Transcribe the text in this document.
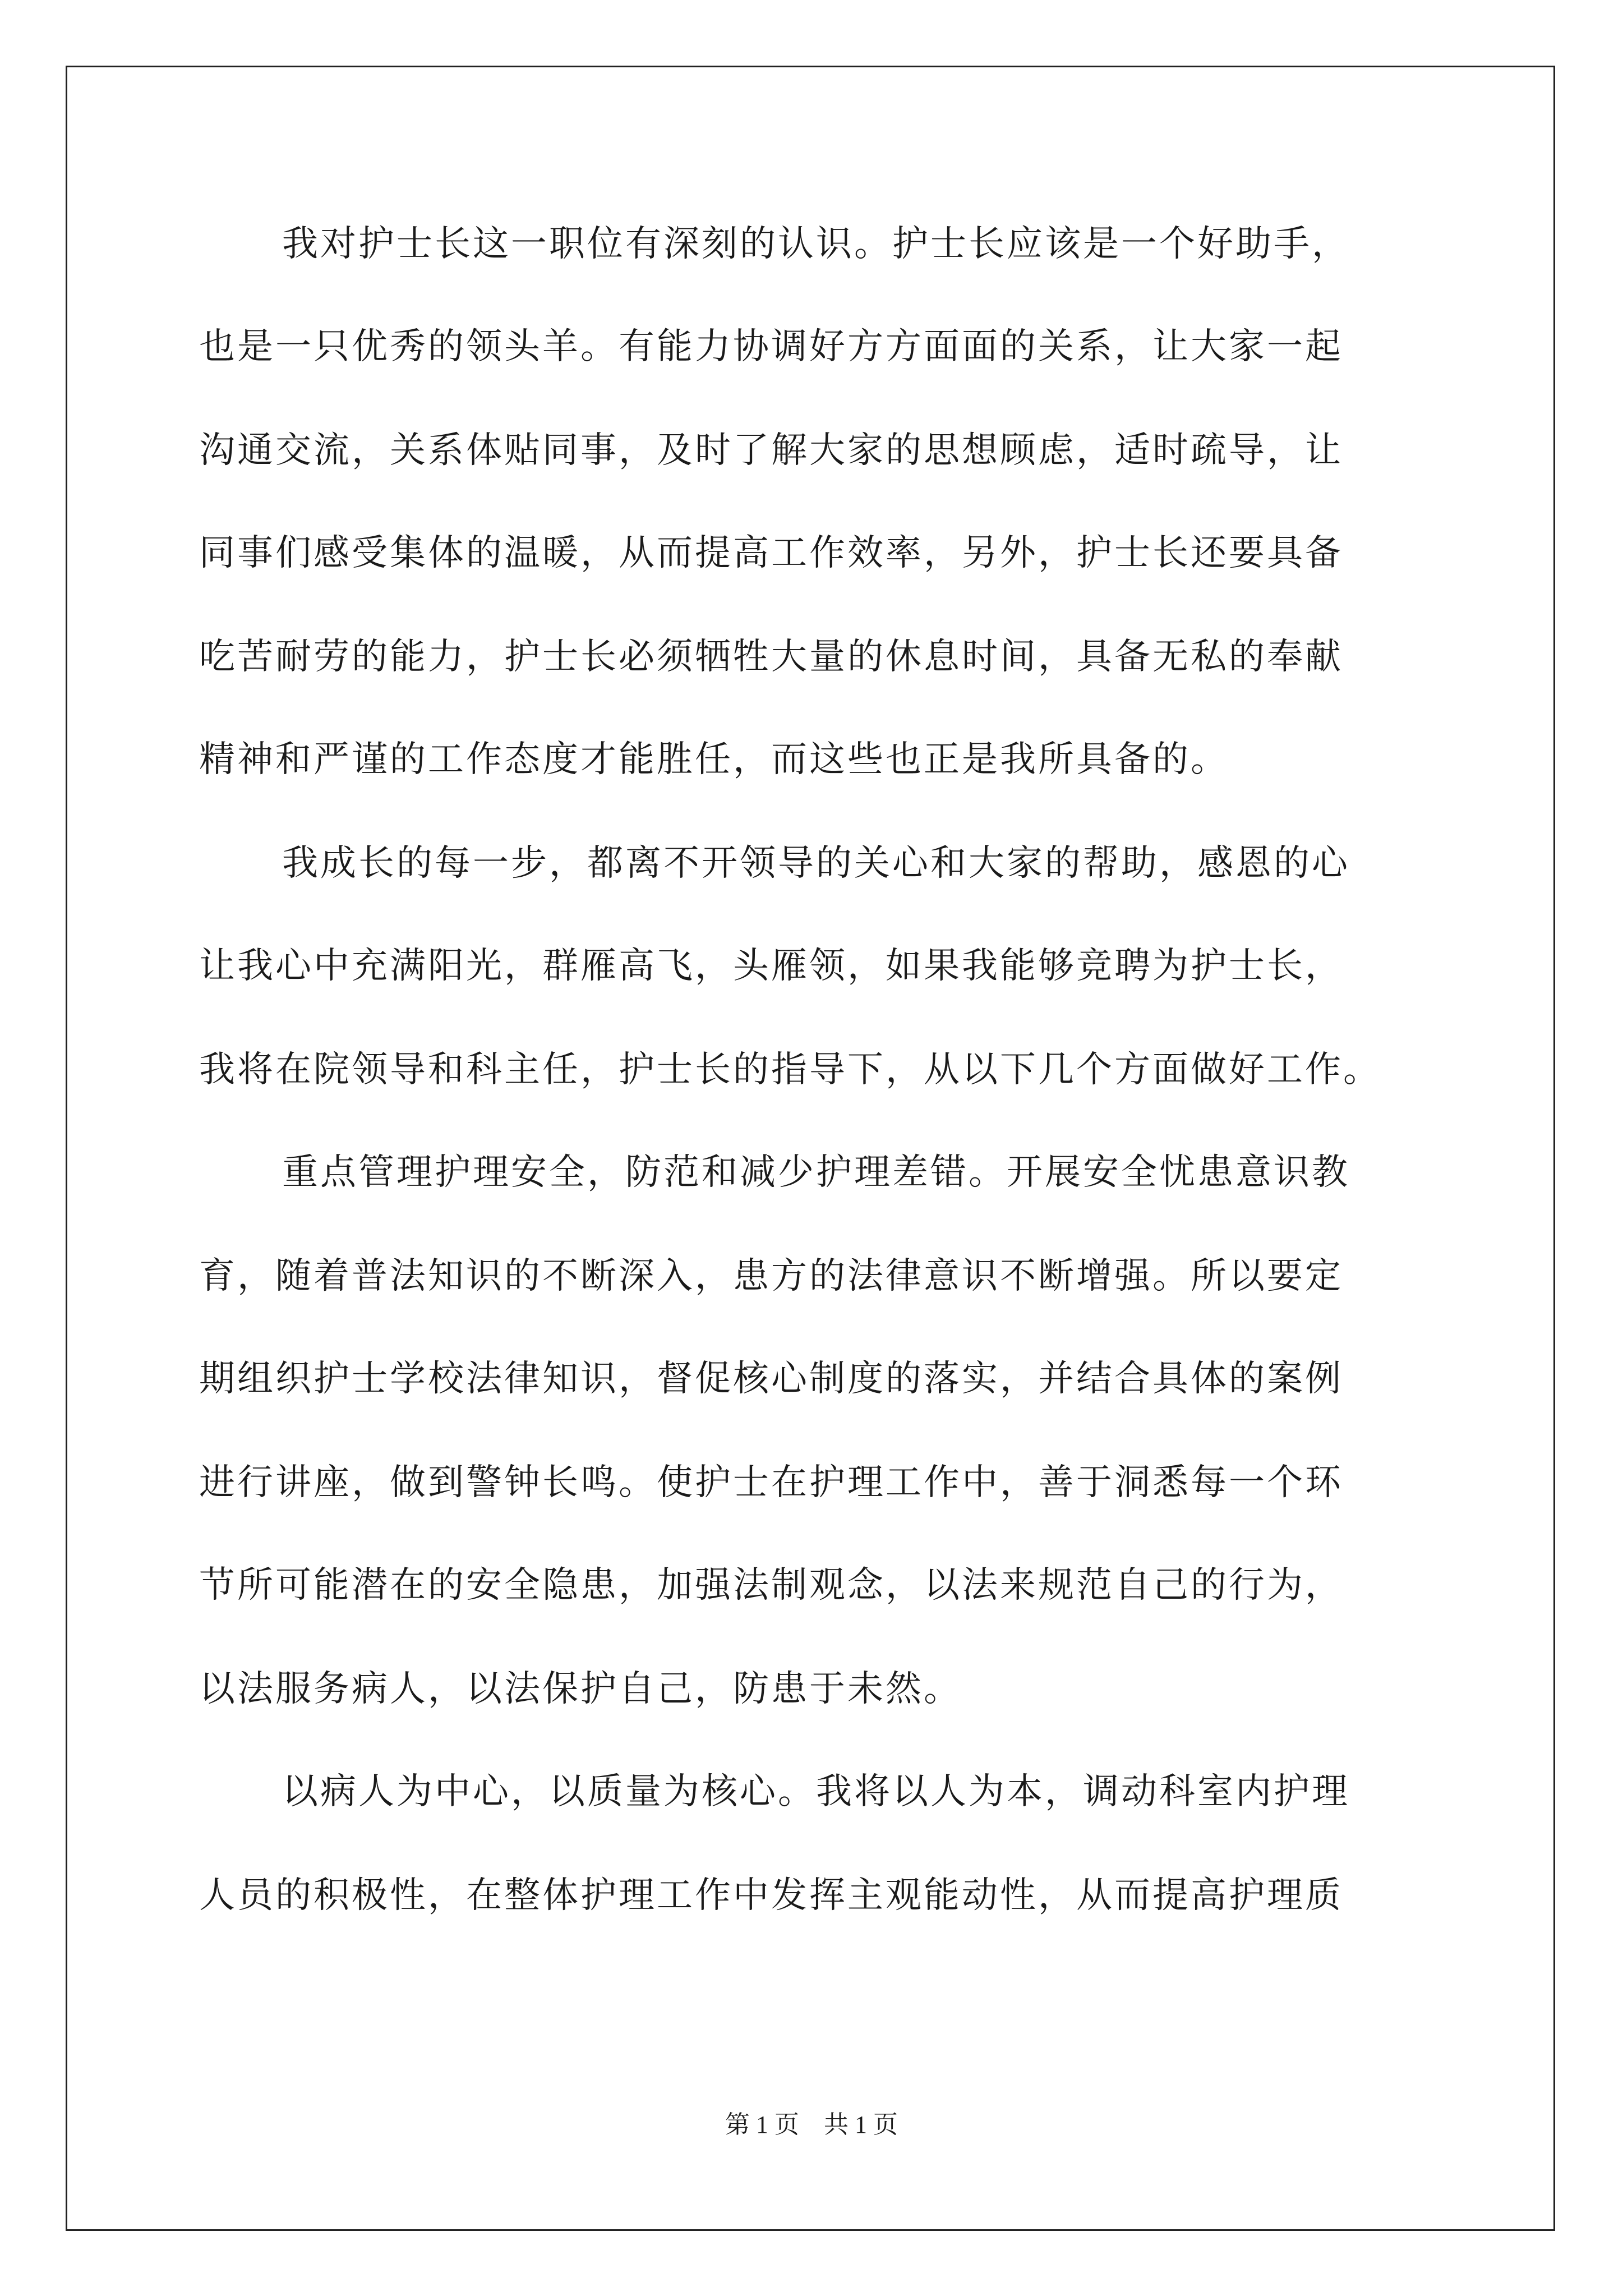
我对护士长这一职位有深刻的认识。护士长应该是一个好助手，
也是一只优秀的领头羊。有能力协调好方方面面的关系，让大家一起
沟通交流，关系体贴同事，及时了解大家的思想顾虑，适时疏导，让
同事们感受集体的温暖，从而提高工作效率，另外，护士长还要具备
吃苦耐劳的能力，护士长必须牺牲大量的休息时间，具备无私的奉献
精神和严谨的工作态度才能胜任，而这些也正是我所具备的。
我成长的每一步，都离不开领导的关心和大家的帮助，感恩的心
让我心中充满阳光，群雁高飞，头雁领，如果我能够竞聘为护士长，
我将在院领导和科主任，护士长的指导下，从以下几个方面做好工作。
重点管理护理安全，防范和减少护理差错。开展安全忧患意识教
育，随着普法知识的不断深入，患方的法律意识不断增强。所以要定
期组织护士学校法律知识，督促核心制度的落实，并结合具体的案例
进行讲座，做到警钟长鸣。使护士在护理工作中，善于洞悉每一个环
节所可能潜在的安全隐患，加强法制观念，以法来规范自己的行为，
以法服务病人，以法保护自己，防患于未然。
以病人为中心，以质量为核心。我将以人为本，调动科室内护理
人员的积极性，在整体护理工作中发挥主观能动性，从而提高护理质
第 1 页    共 1 页
